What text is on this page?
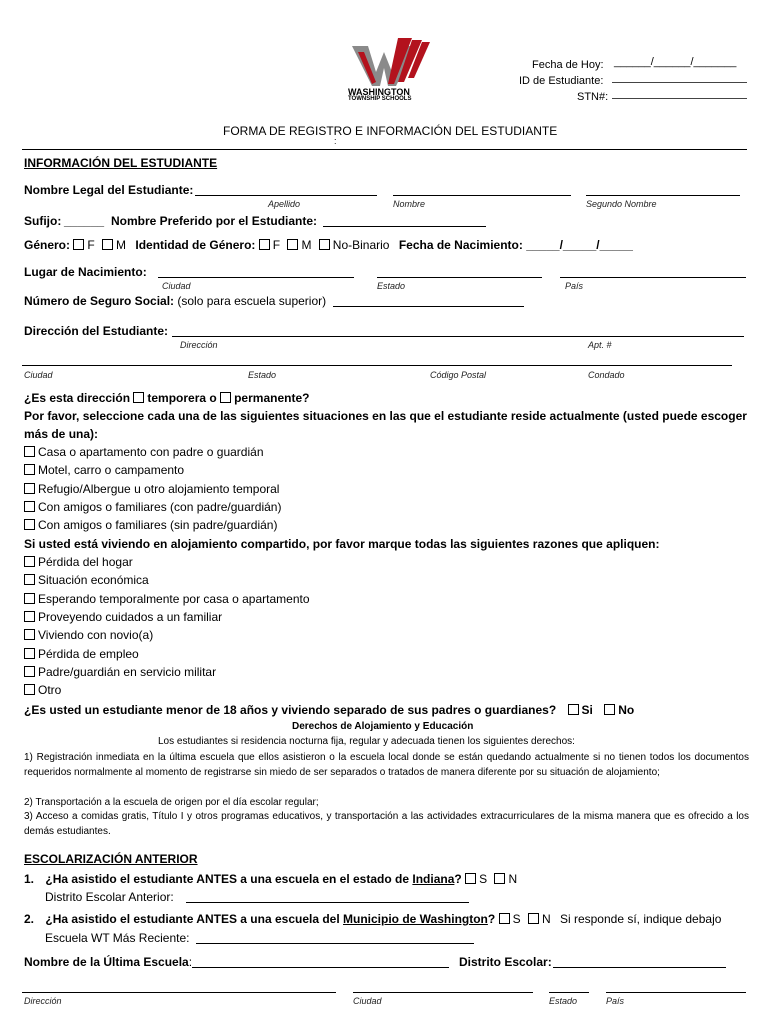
WASHINGTON
TOWNSHIP SCHOOLS
Fecha de Hoy: ______/______/_______
ID de Estudiante:
STN#:
FORMA DE REGISTRO E INFORMACIÓN DEL ESTUDIANTE
:
INFORMACIÓN DEL ESTUDIANTE
Nombre Legal del Estudiante:
Apellido	Nombre	Segundo Nombre
Sufijo: ______ Nombre Preferido por el Estudiante:
Género: F M Identidad de Género: F M No-Binario Fecha de Nacimiento: _____/_____/_____
Lugar de Nacimiento:
Ciudad	Estado	País
Número de Seguro Social: (solo para escuela superior)
Dirección del Estudiante:
Dirección	Apt. #
Ciudad	Estado	Código Postal	Condado
¿Es esta dirección temporera o permanente?
Por favor, seleccione cada una de las siguientes situaciones en las que el estudiante reside actualmente (usted puede escoger
más de una):
Casa o apartamento con padre o guardián
Motel, carro o campamento
Refugio/Albergue u otro alojamiento temporal
Con amigos o familiares (con padre/guardián)
Con amigos o familiares (sin padre/guardián)
Si usted está viviendo en alojamiento compartido, por favor marque todas las siguientes razones que apliquen:
Pérdida del hogar
Situación económica
Esperando temporalmente por casa o apartamento
Proveyendo cuidados a un familiar
Viviendo con novio(a)
Pérdida de empleo
Padre/guardián en servicio militar
Otro
¿Es usted un estudiante menor de 18 años y viviendo separado de sus padres o guardianes? Si No
Derechos de Alojamiento y Educación
Los estudiantes si residencia nocturna fija, regular y adecuada tienen los siguientes derechos:
1) Registración inmediata en la última escuela que ellos asistieron o la escuela local donde se están quedando actualmente si no tienen todos los documentos requeridos normalmente al momento de registrarse sin miedo de ser separados o tratados de manera diferente por su situación de alojamiento;
2) Transportación a la escuela de origen por el día escolar regular;
3) Acceso a comidas gratis, Título I y otros programas educativos, y transportación a las actividades extracurriculares de la misma manera que es ofrecido a los demás estudiantes.
ESCOLARIZACIÓN ANTERIOR
1. ¿Ha asistido el estudiante ANTES a una escuela en el estado de Indiana? S N
Distrito Escolar Anterior:
2. ¿Ha asistido el estudiante ANTES a una escuela del Municipio de Washington? S N Si responde sí, indique debajo
Escuela WT Más Reciente:
Nombre de la Última Escuela:	Distrito Escolar:
Dirección	Ciudad	Estado	País
